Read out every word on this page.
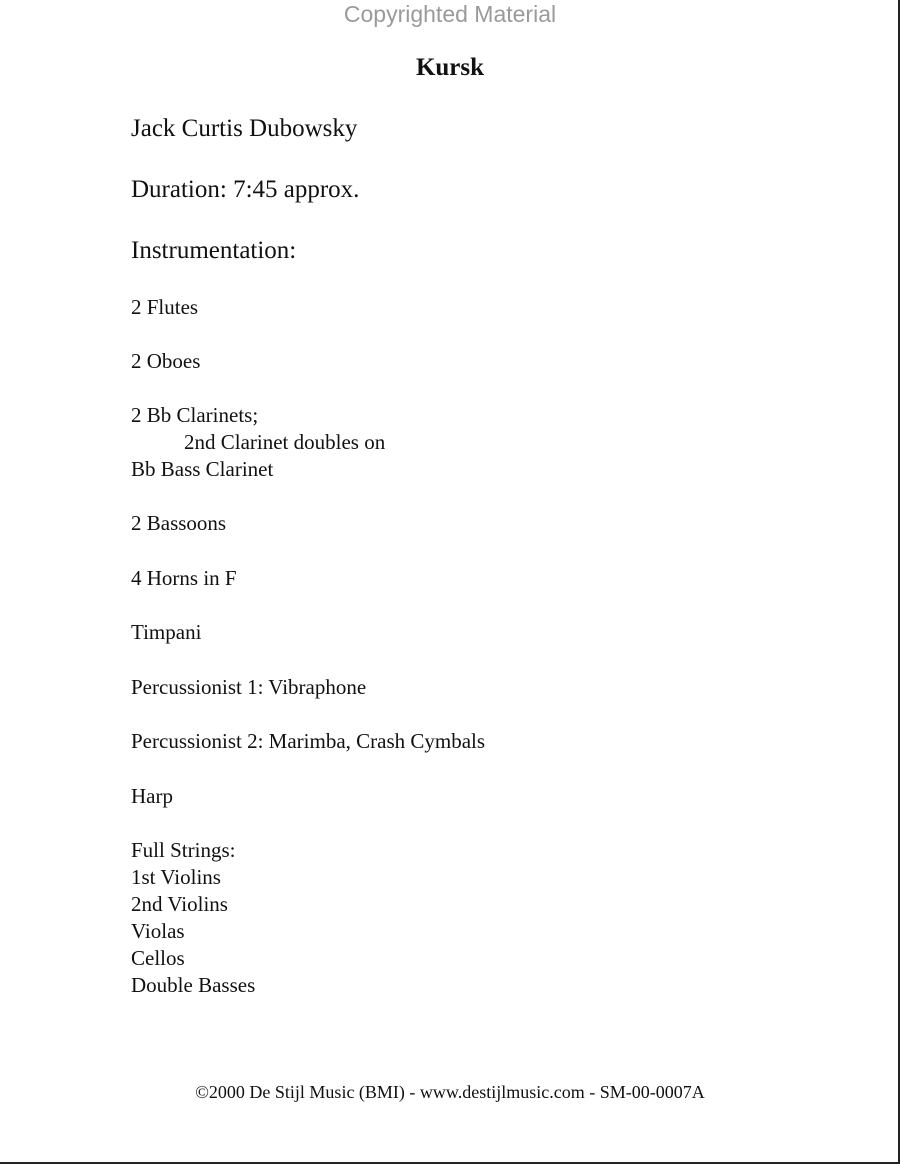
Copyrighted Material
Kursk
Jack Curtis Dubowsky
Duration: 7:45 approx.
Instrumentation:
2 Flutes
2 Oboes
2 Bb Clarinets;
2nd Clarinet doubles on
Bb Bass Clarinet
2 Bassoons
4 Horns in F
Timpani
Percussionist 1: Vibraphone
Percussionist 2: Marimba, Crash Cymbals
Harp
Full Strings:
1st Violins
2nd Violins
Violas
Cellos
Double Basses
©2000 De Stijl Music (BMI) - www.destijlmusic.com - SM-00-0007A
